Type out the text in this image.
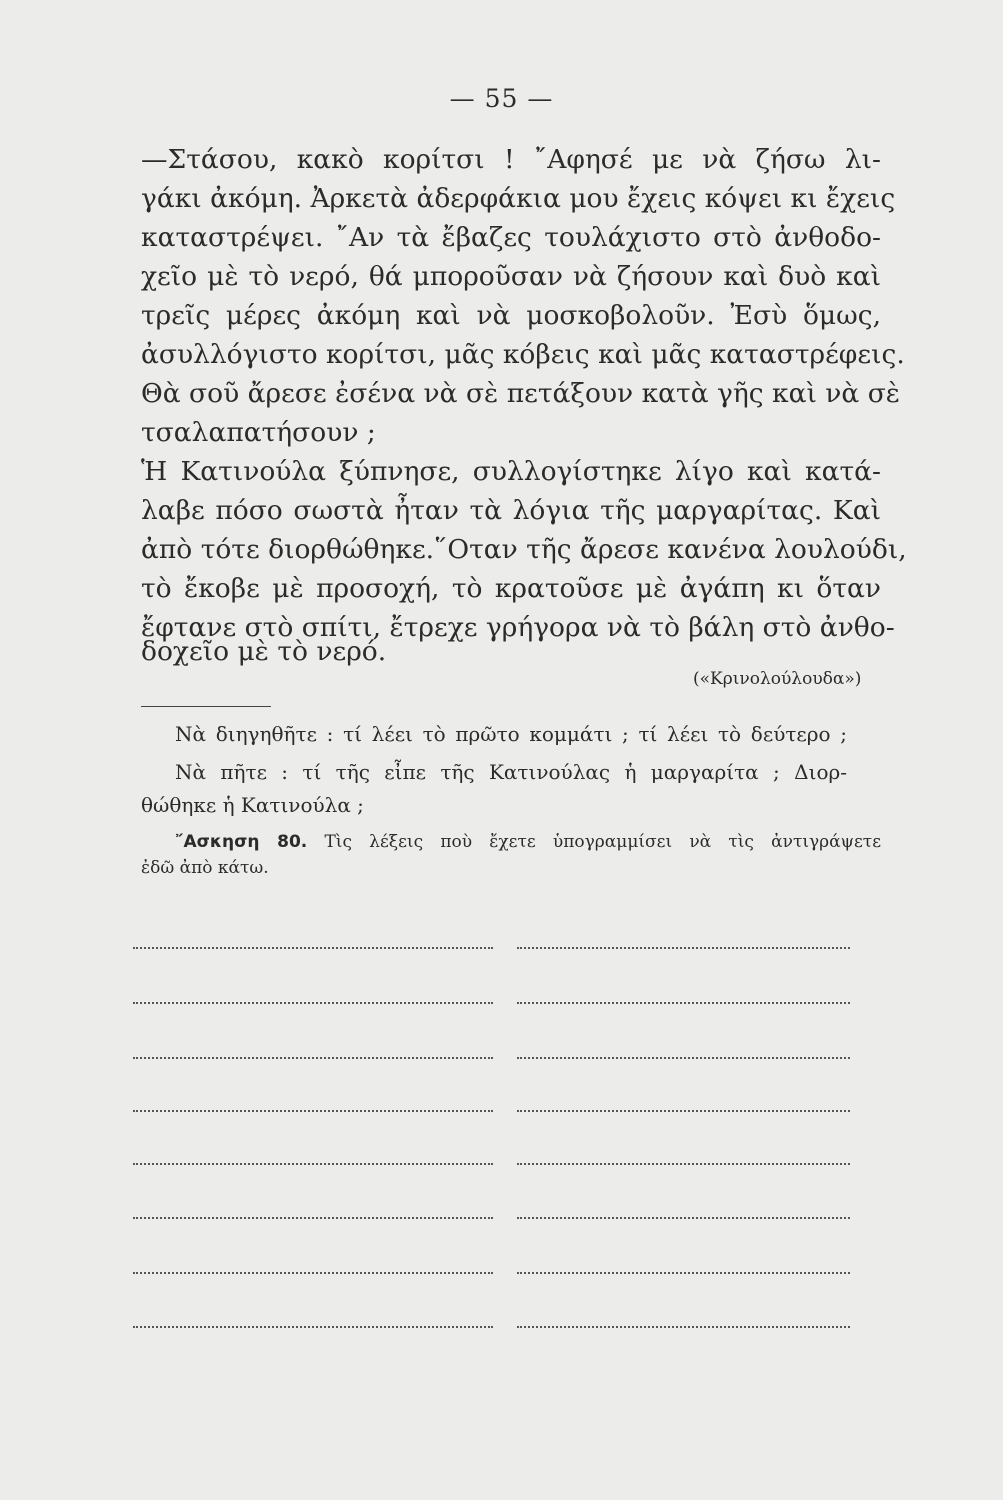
— 55 —
—Στάσου, κακὸ κορίτσι ! ῎Αφησέ με νὰ ζήσω λι-
γάκι ἀκόμη. Ἀρκετὰ ἀδερφάκια μου ἔχεις κόψει κι ἔχεις
καταστρέψει. ῎Αν τὰ ἔβαζες τουλάχιστο στὸ ἀνθοδο-
χεῖο μὲ τὸ νερό, θά μποροῦσαν νὰ ζήσουν καὶ δυὸ καὶ
τρεῖς μέρες ἀκόμη καὶ νὰ μοσκοβολοῦν. Ἐσὺ ὅμως,
ἀσυλλόγιστο κορίτσι, μᾶς κόβεις καὶ μᾶς καταστρέφεις.
Θὰ σοῦ ἄρεσε ἐσένα νὰ σὲ πετάξουν κατὰ γῆς καὶ νὰ σὲ
τσαλαπατήσουν ;
Ἡ Κατινούλα ξύπνησε, συλλογίστηκε λίγο καὶ κατά-
λαβε πόσο σωστὰ ἦταν τὰ λόγια τῆς μαργαρίτας. Καὶ
ἀπὸ τότε διορθώθηκε.῞Οταν τῆς ἄρεσε κανένα λουλούδι,
τὸ ἔκοβε μὲ προσοχή, τὸ κρατοῦσε μὲ ἀγάπη κι ὅταν
ἔφτανε στὸ σπίτι, ἔτρεχε γρήγορα νὰ τὸ βάλη στὸ ἀνθο-
δοχεῖο μὲ τὸ νερό.
(«Κρινολούλουδα»)
Νὰ διηγηθῆτε : τί λέει τὸ πρῶτο κομμάτι ; τί λέει τὸ δεύτερο ;
Νὰ πῆτε : τί τῆς εἶπε τῆς Κατινούλας ἡ μαργαρίτα ; Διορ-
θώθηκε ἡ Κατινούλα ;
῎Ασκηση 80. Τὶς λέξεις ποὺ ἔχετε ὑπογραμμίσει νὰ τὶς ἀντιγράψετε
ἐδῶ ἀπὸ κάτω.
